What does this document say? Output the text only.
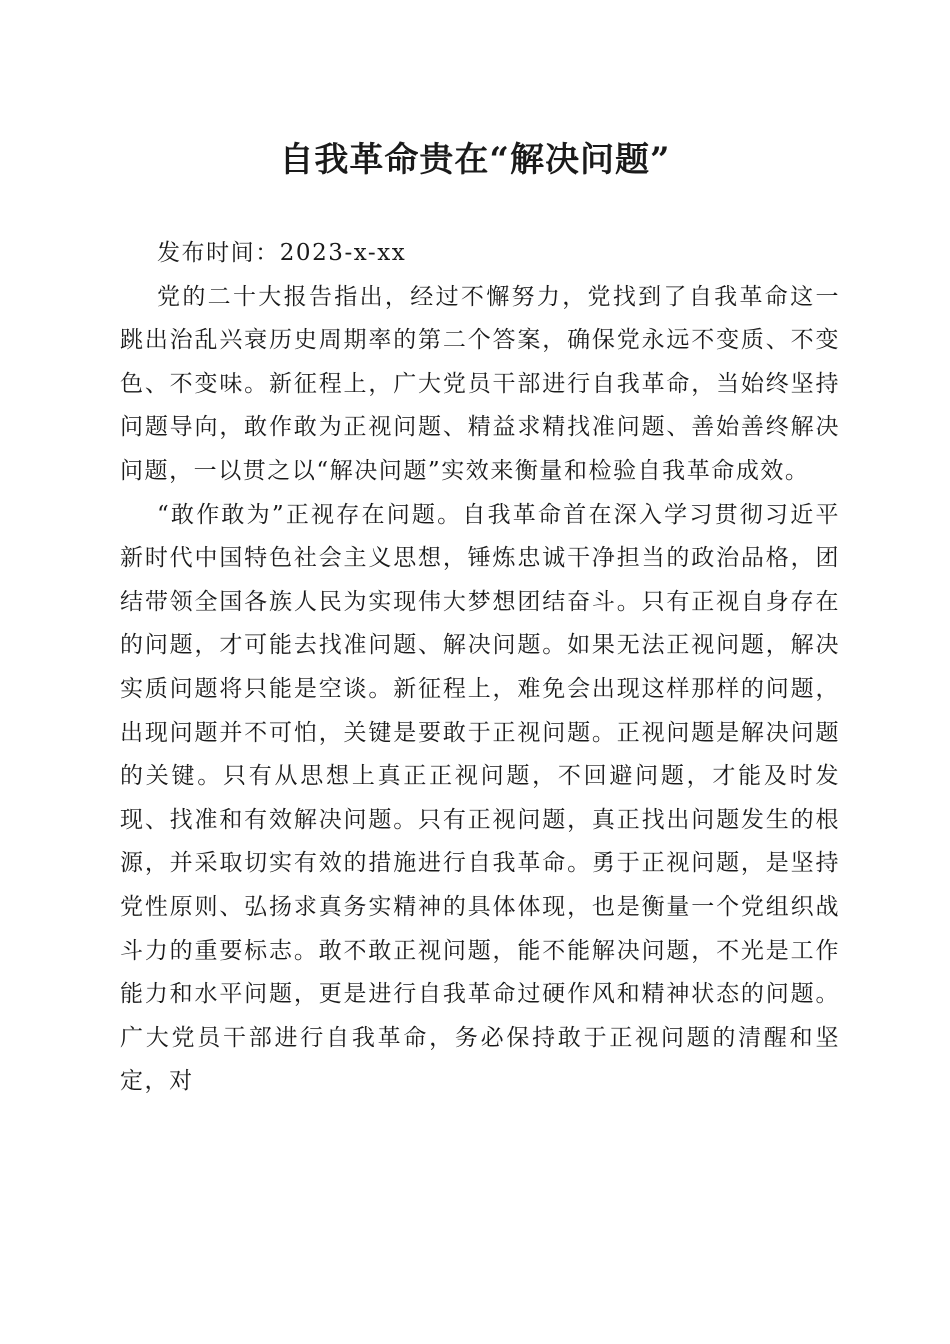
自我革命贵在“解决问题”
发布时间：2023-x-xx

党的二十大报告指出，经过不懈努力，党找到了自我革命这一跳出治乱兴衰历史周期率的第二个答案，确保党永远不变质、不变色、不变味。新征程上，广大党员干部进行自我革命，当始终坚持问题导向，敢作敢为正视问题、精益求精找准问题、善始善终解决问题，一以贯之以“解决问题”实效来衡量和检验自我革命成效。

“敢作敢为”正视存在问题。自我革命首在深入学习贯彻习近平新时代中国特色社会主义思想，锤炼忠诚干净担当的政治品格，团结带领全国各族人民为实现伟大梦想团结奋斗。只有正视自身存在的问题，才可能去找准问题、解决问题。如果无法正视问题，解决实质问题将只能是空谈。新征程上，难免会出现这样那样的问题，出现问题并不可怕，关键是要敢于正视问题。正视问题是解决问题的关键。只有从思想上真正正视问题，不回避问题，才能及时发现、找准和有效解决问题。只有正视问题，真正找出问题发生的根源，并采取切实有效的措施进行自我革命。勇于正视问题，是坚持党性原则、弘扬求真务实精神的具体体现，也是衡量一个党组织战斗力的重要标志。敢不敢正视问题，能不能解决问题，不光是工作能力和水平问题，更是进行自我革命过硬作风和精神状态的问题。广大党员干部进行自我革命，务必保持敢于正视问题的清醒和坚定，对
